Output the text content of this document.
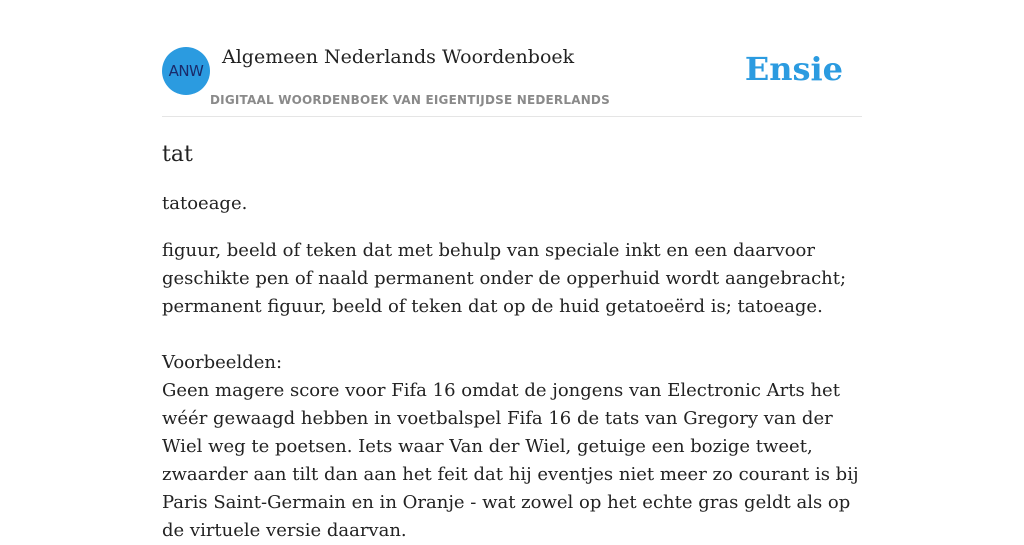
ANW
Algemeen Nederlands Woordenboek
DIGITAAL WOORDENBOEK VAN EIGENTIJDSE NEDERLANDS
Ensie
tat

tatoeage.

figuur, beeld of teken dat met behulp van speciale inkt en een daarvoor geschikte pen of naald permanent onder de opperhuid wordt aangebracht; permanent figuur, beeld of teken dat op de huid getatoeërd is; tatoeage.

Voorbeelden:

Geen magere score voor Fifa 16 omdat de jongens van Electronic Arts het wéér gewaagd hebben in voetbalspel Fifa 16 de tats van Gregory van der Wiel weg te poetsen. Iets waar Van der Wiel, getuige een bozige tweet, zwaarder aan tilt dan aan het feit dat hij eventjes niet meer zo courant is bij Paris Saint-Germain en in Oranje - wat zowel op het echte gras geldt als op de virtuele versie daarvan.
